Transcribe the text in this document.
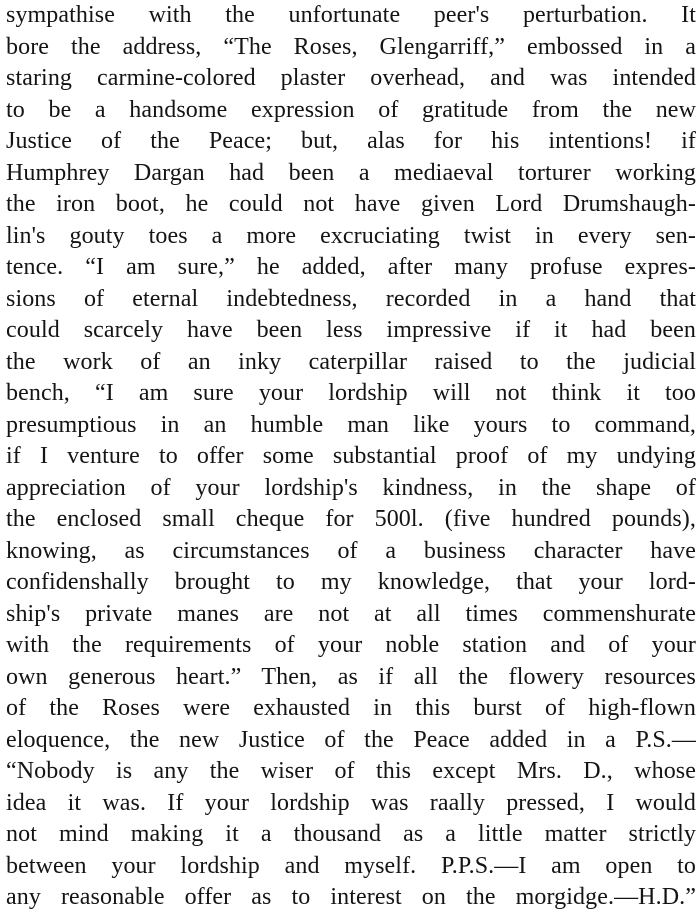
sympathise with the unfortunate peer's perturbation. It
bore the address, “The Roses, Glengarriff,” embossed in a
staring carmine-colored plaster overhead, and was intended
to be a handsome expression of gratitude from the new
Justice of the Peace; but, alas for his intentions! if
Humphrey Dargan had been a mediaeval torturer working
the iron boot, he could not have given Lord Drumshaugh-
lin's gouty toes a more excruciating twist in every sen-
tence. “I am sure,” he added, after many profuse expres-
sions of eternal indebtedness, recorded in a hand that
could scarcely have been less impressive if it had been
the work of an inky caterpillar raised to the judicial
bench, “I am sure your lordship will not think it too
presumptious in an humble man like yours to command,
if I venture to offer some substantial proof of my undying
appreciation of your lordship's kindness, in the shape of
the enclosed small cheque for 500l. (five hundred pounds),
knowing, as circumstances of a business character have
confidenshally brought to my knowledge, that your lord-
ship's private manes are not at all times commenshurate
with the requirements of your noble station and of your
own generous heart.” Then, as if all the flowery resources
of the Roses were exhausted in this burst of high-flown
eloquence, the new Justice of the Peace added in a P.S.—
“Nobody is any the wiser of this except Mrs. D., whose
idea it was. If your lordship was raally pressed, I would
not mind making it a thousand as a little matter strictly
between your lordship and myself. P.P.S.—I am open to
any reasonable offer as to interest on the morgidge.—H.D.”
